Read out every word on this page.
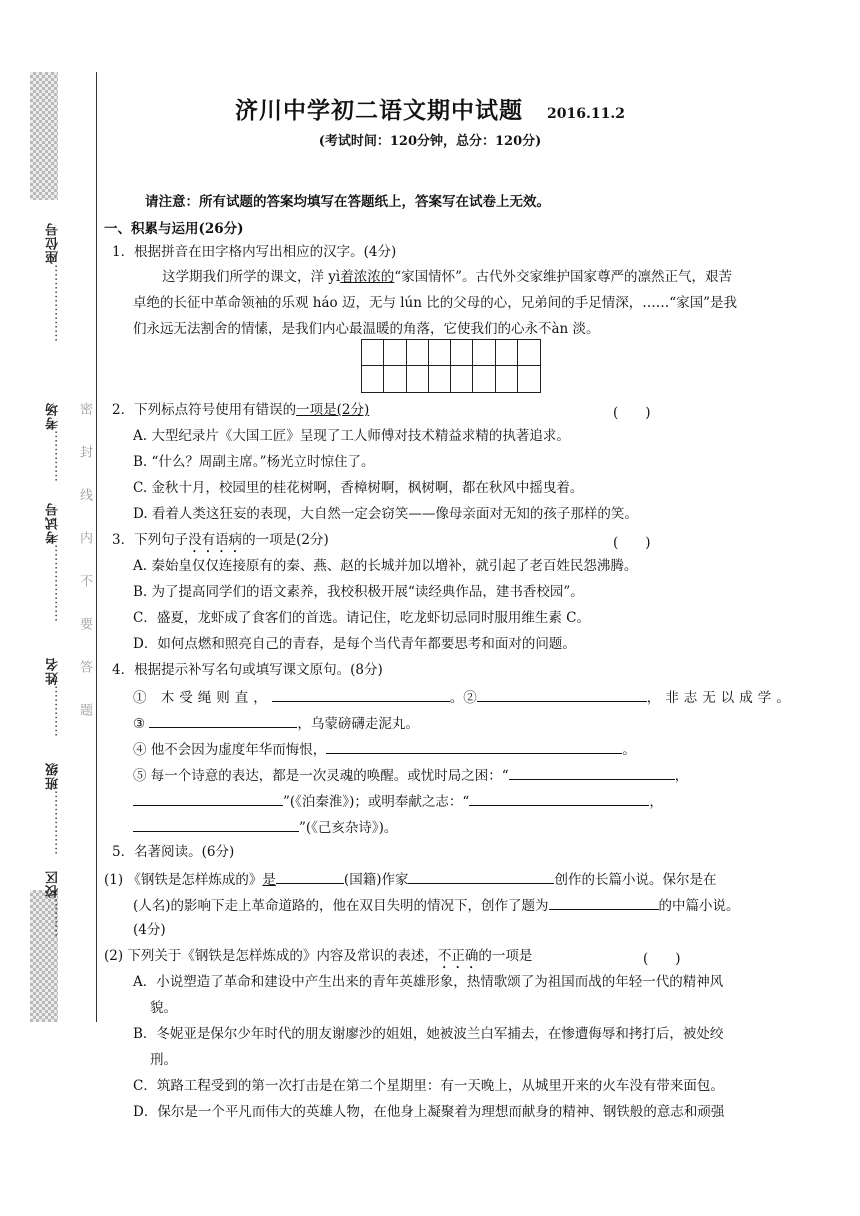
………………座位号
…………考场
………………考试号
…………姓名
……………班级
………校区
密封线内不要答题
济川中学初二语文期中试题 2016.11.2
(考试时间：120分钟，总分：120分)
请注意：所有试题的答案均填写在答题纸上，答案写在试卷上无效。
一、积累与运用(26分)
1．根据拼音在田字格内写出相应的汉字。(4分)
这学期我们所学的课文，洋 yì着浓浓的“家国情怀”。古代外交家维护国家尊严的凛然正气，艰苦
卓绝的长征中革命领袖的乐观 háo 迈，无与 lún 比的父母的心，兄弟间的手足情深，……“家国”是我
们永远无法割舍的情愫，是我们内心最温暖的角落，它使我们的心永不àn 淡。
2．下列标点符号使用有错误的一项是(2分)	(　　)
A. 大型纪录片《大国工匠》呈现了工人师傅对技术精益求精的执著追求。
B. “什么？周副主席。”杨光立时惊住了。
C. 金秋十月，校园里的桂花树啊，香樟树啊，枫树啊，都在秋风中摇曳着。
D. 看着人类这狂妄的表现，大自然一定会窃笑——像母亲面对无知的孩子那样的笑。
3．下列句子没有语病的一项是(2分)	(　　)
A. 秦始皇仅仅连接原有的秦、燕、赵的长城并加以增补，就引起了老百姓民怨沸腾。
B. 为了提高同学们的语文素养，我校积极开展“读经典作品，建书香校园”。
C．盛夏，龙虾成了食客们的首选。请记住，吃龙虾切忌同时服用维生素 C。
D．如何点燃和照亮自己的青春，是每个当代青年都要思考和面对的问题。
4．根据提示补写名句或填写课文原句。(8分)
① 木受绳则直，	。②	，非志无以成学。
③	，乌蒙磅礴走泥丸。
④ 他不会因为虚度年华而悔恨，	。
⑤ 每一个诗意的表达，都是一次灵魂的唤醒。或忧时局之困：“	，
”(《泊秦淮》)；或明奉献之志：“	，
”(《己亥杂诗》)。
5．名著阅读。(6分)
(1) 《钢铁是怎样炼成的》是	(国籍)作家	创作的长篇小说。保尔是在
(人名)的影响下走上革命道路的，他在双目失明的情况下，创作了题为	的中篇小说。
(4分)
(2) 下列关于《钢铁是怎样炼成的》内容及常识的表述，不正确的一项是	(　　)
A．小说塑造了革命和建设中产生出来的青年英雄形象，热情歌颂了为祖国而战的年轻一代的精神风
貌。
B．冬妮亚是保尔少年时代的朋友谢廖沙的姐姐，她被波兰白军捕去，在惨遭侮辱和拷打后，被处绞
刑。
C．筑路工程受到的第一次打击是在第二个星期里：有一天晚上，从城里开来的火车没有带来面包。
D．保尔是一个平凡而伟大的英雄人物，在他身上凝聚着为理想而献身的精神、钢铁般的意志和顽强
